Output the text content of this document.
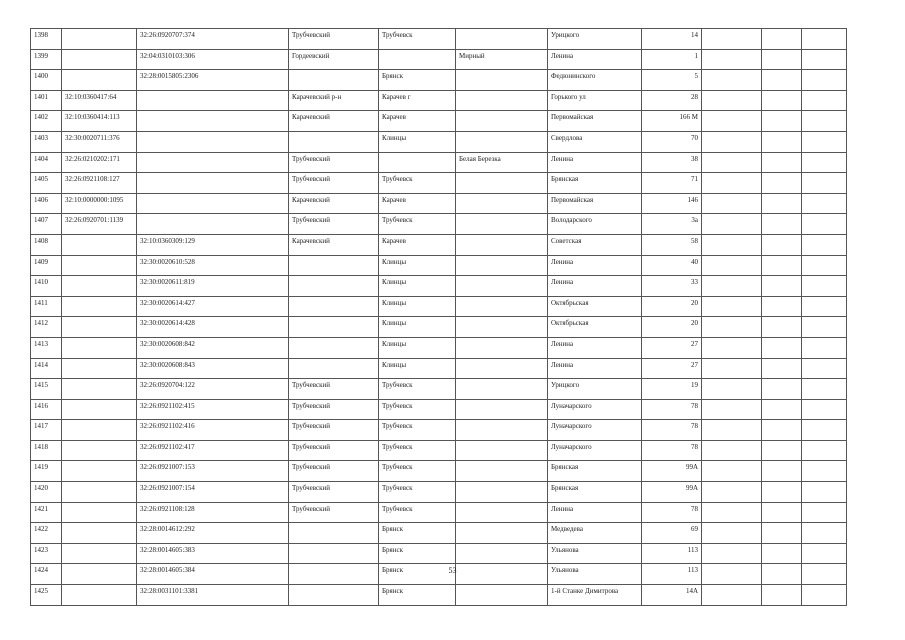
1398		32:26:0920707:374	Трубчевский	Трубчевск		Урицкого	14			
1399		32:04:0310103:306	Гордеевский		Мирный	Ленина	1			
1400		32:28:0015805:2306		Брянск		Федюнинского	5			
1401	32:10:0360417:64		Карачевский р-н	Карачев г		Горького ул	28			
1402	32:10:0360414:113		Карачевский	Карачев		Первомайская	166 М			
1403	32:30:0020711:376			Клинцы		Свердлова	70			
1404	32:26:0210202:171		Трубчевский		Белая Березка	Ленина	38			
1405	32:26:0921108:127		Трубчевский	Трубчевск		Брянская	71			
1406	32:10:0000000:1095		Карачевский	Карачев		Первомайская	146			
1407	32:26:0920701:1139		Трубчевский	Трубчевск		Володарского	3а			
1408		32:10:0360309:129	Карачевский	Карачев		Советская	58			
1409		32:30:0020610:528		Клинцы		Ленина	40			
1410		32:30:0020611:819		Клинцы		Ленина	33			
1411		32:30:0020614:427		Клинцы		Октябрьская	20			
1412		32:30:0020614:428		Клинцы		Октябрьская	20			
1413		32:30:0020608:842		Клинцы		Ленина	27			
1414		32:30:0020608:843		Клинцы		Ленина	27			
1415		32:26:0920704:122	Трубчевский	Трубчевск		Урицкого	19			
1416		32:26:0921102:415	Трубчевский	Трубчевск		Луначарского	78			
1417		32:26:0921102:416	Трубчевский	Трубчевск		Луначарского	78			
1418		32:26:0921102:417	Трубчевский	Трубчевск		Луначарского	78			
1419		32:26:0921007:153	Трубчевский	Трубчевск		Брянская	99А			
1420		32:26:0921007:154	Трубчевский	Трубчевск		Брянская	99А			
1421		32:26:0921108:128	Трубчевский	Трубчевск		Ленина	78			
1422		32:28:0014612:292		Брянск		Медведева	69			
1423		32:28:0014605:383		Брянск		Ульянова	113			
1424		32:28:0014605:384		Брянск		Ульянова	113			
1425		32:28:0031101:3381		Брянск		1-й Станке Димитрова	14А			
53
